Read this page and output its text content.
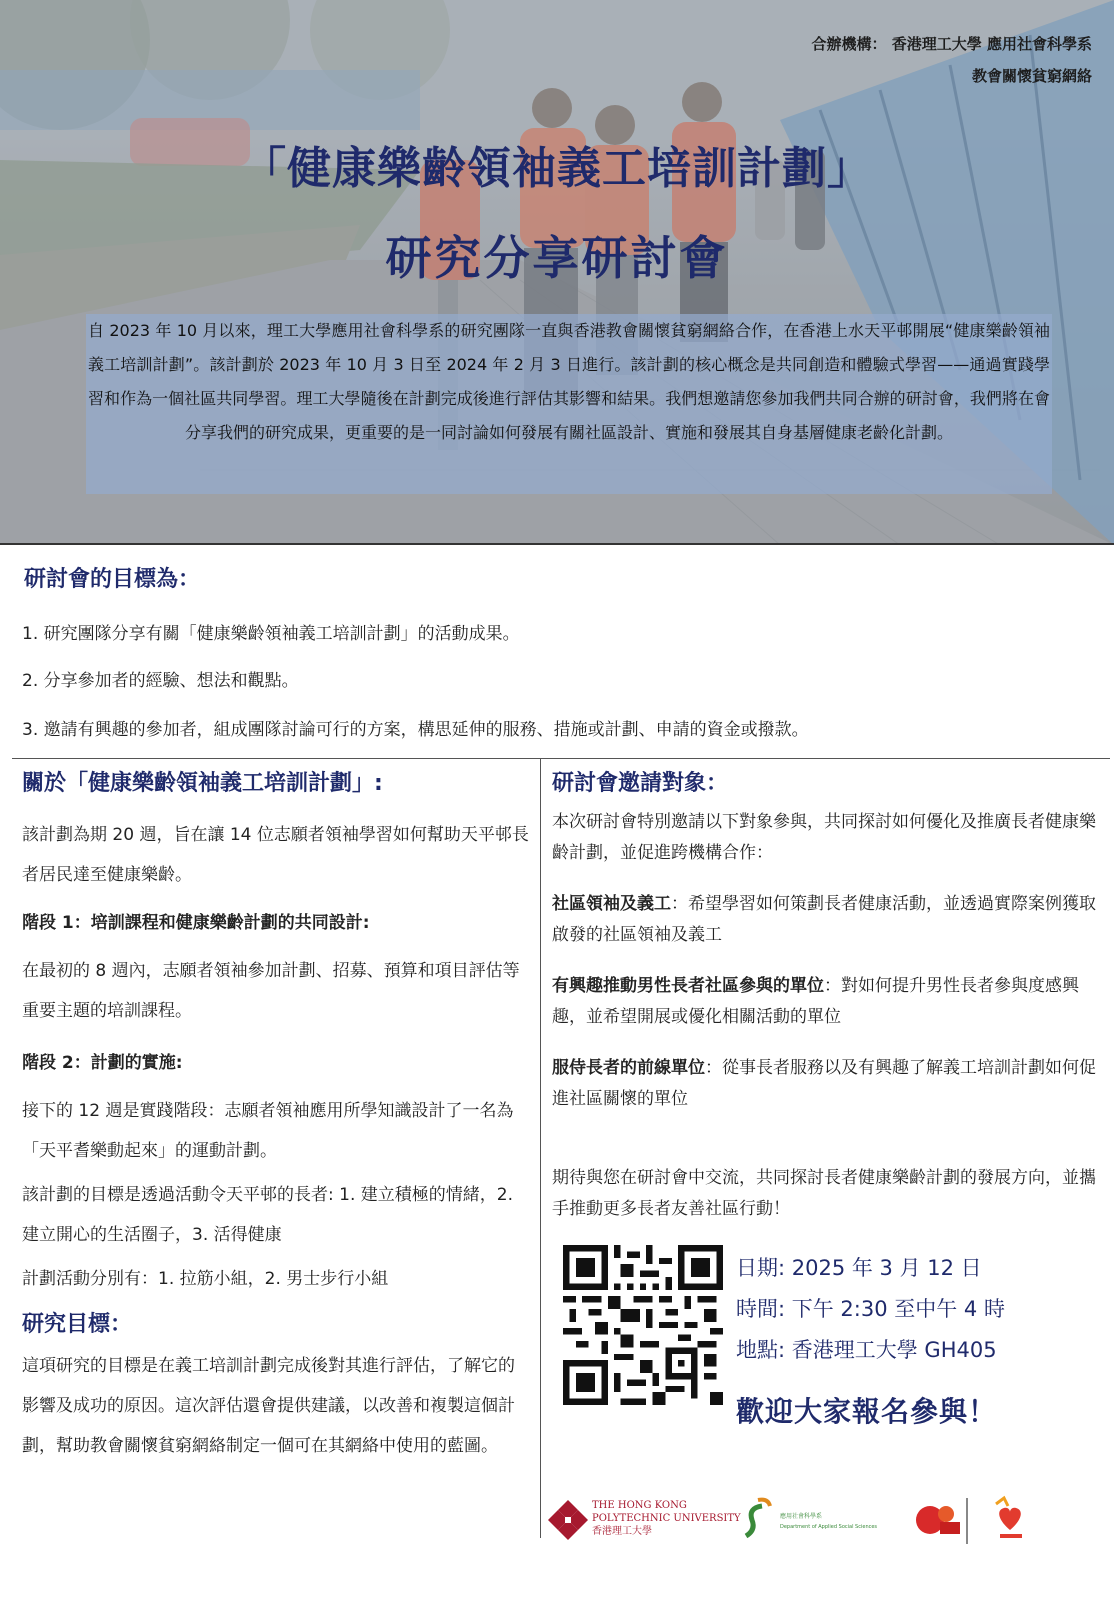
合辦機構： 香港理工大學 應用社會科學系
教會關懷貧窮網絡
「健康樂齡領袖義工培訓計劃」
研究分享研討會
自 2023 年 10 月以來，理工大學應用社會科學系的研究團隊一直與香港教會關懷貧窮網絡合作，在香港上水天平邨開展“健康樂齡領袖義工培訓計劃”。該計劃於 2023 年 10 月 3 日至 2024 年 2 月 3 日進行。該計劃的核心概念是共同創造和體驗式學習——通過實踐學習和作為一個社區共同學習。理工大學隨後在計劃完成後進行評估其影響和結果。我們想邀請您參加我們共同合辦的研討會，我們將在會分享我們的研究成果，更重要的是一同討論如何發展有關社區設計、實施和發展其自身基層健康老齡化計劃。
研討會的目標為：
1. 研究團隊分享有關「健康樂齡領袖義工培訓計劃」的活動成果。
2. 分享參加者的經驗、想法和觀點。
3. 邀請有興趣的參加者，組成團隊討論可行的方案，構思延伸的服務、措施或計劃、申請的資金或撥款。
關於「健康樂齡領袖義工培訓計劃」:
該計劃為期 20 週，旨在讓 14 位志願者領袖學習如何幫助天平邨長者居民達至健康樂齡。
階段 1：培訓課程和健康樂齡計劃的共同設計:
在最初的 8 週內，志願者領袖參加計劃、招募、預算和項目評估等重要主題的培訓課程。
階段 2：計劃的實施:
接下的 12 週是實踐階段：志願者領袖應用所學知識設計了一名為「天平耆樂動起來」的運動計劃。
該計劃的目標是透過活動令天平邨的長者: 1. 建立積極的情緒，2. 建立開心的生活圈子，3. 活得健康
計劃活動分別有：1. 拉筋小組，2. 男士步行小組
研究目標：
這項研究的目標是在義工培訓計劃完成後對其進行評估，了解它的影響及成功的原因。這次評估還會提供建議，以改善和複製這個計劃，幫助教會關懷貧窮網絡制定一個可在其網絡中使用的藍圖。
研討會邀請對象：
本次研討會特別邀請以下對象參與，共同探討如何優化及推廣長者健康樂齡計劃，並促進跨機構合作：
社區領袖及義工：希望學習如何策劃長者健康活動，並透過實際案例獲取啟發的社區領袖及義工
有興趣推動男性長者社區參與的單位：對如何提升男性長者參與度感興趣，並希望開展或優化相關活動的單位
服侍長者的前線單位：從事長者服務以及有興趣了解義工培訓計劃如何促進社區關懷的單位
期待與您在研討會中交流，共同探討長者健康樂齡計劃的發展方向，並攜手推動更多長者友善社區行動！
日期: 2025 年 3 月 12 日
時間: 下午 2:30 至中午 4 時
地點: 香港理工大學 GH405
歡迎大家報名參與！
THE HONG KONG
POLYTECHNIC UNIVERSITY
香港理工大學
應用社會科學系
Department of Applied Social Sciences
